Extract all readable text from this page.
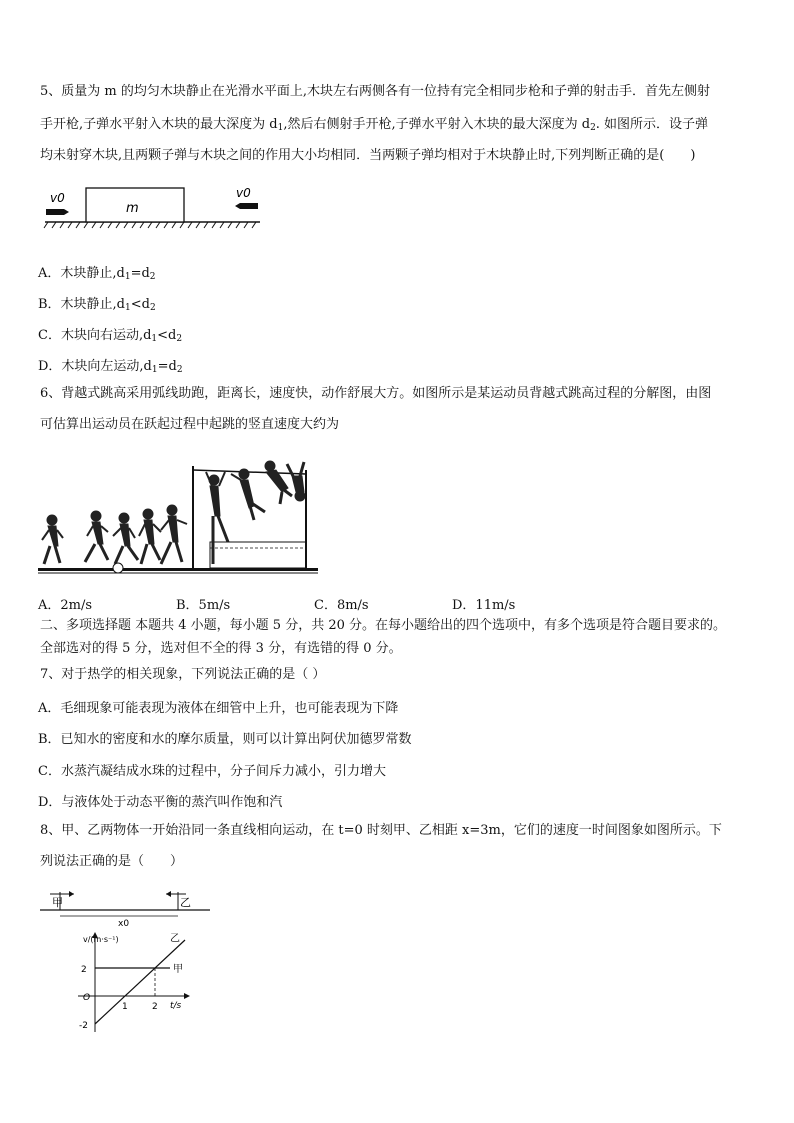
5、质量为 m 的均匀木块静止在光滑水平面上,木块左右两侧各有一位持有完全相同步枪和子弹的射击手．首先左侧射
手开枪,子弹水平射入木块的最大深度为 $d_1$,然后右侧射手开枪,子弹水平射入木块的最大深度为 $d_2$. 如图所示．设子弹
均未射穿木块,且两颗子弹与木块之间的作用大小均相同．当两颗子弹均相对于木块静止时,下列判断正确的是(　　)
m
v0	v0
A．木块静止$,d_1=d_2$
B．木块静止$,d_1<d_2$
C．木块向右运动$,d_1<d_2$
D．木块向左运动$,d_1=d_2$
6、背越式跳高采用弧线助跑，距离长，速度快，动作舒展大方。如图所示是某运动员背越式跳高过程的分解图，由图
可估算出运动员在跃起过程中起跳的竖直速度大约为
A．2m/s	B．5m/s	C．8m/s	D．11m/s
二、多项选择题 本题共 4 小题，每小题 5 分，共 20 分。在每小题给出的四个选项中，有多个选项是符合题目要求的。
全部选对的得 5 分，选对但不全的得 3 分，有选错的得 0 分。
7、对于热学的相关现象，下列说法正确的是（ ）
A．毛细现象可能表现为液体在细管中上升，也可能表现为下降
B．已知水的密度和水的摩尔质量，则可以计算出阿伏加德罗常数
C．水蒸汽凝结成水珠的过程中，分子间斥力减小，引力增大
D．与液体处于动态平衡的蒸汽叫作饱和汽
8、甲、乙两物体一开始沿同一条直线相向运动，在 t=0 时刻甲、乙相距 x=3m，它们的速度一时间图象如图所示。下
列说法正确的是（　　）
甲	乙
x0
v/(m·s⁻¹)
t/s
2
-2
O
1	2
甲
乙
